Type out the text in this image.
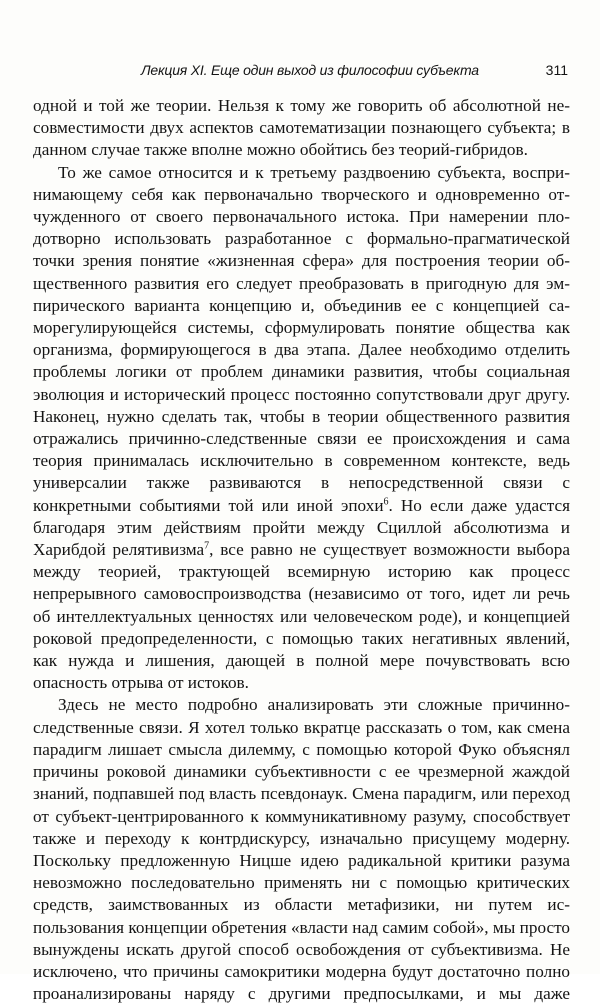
Лекция XI. Еще один выход из философии субъекта	311

одной и той же теории. Нельзя к тому же говорить об абсолютной несовместимости двух аспектов самотематизации познающего субъекта; в данном случае также вполне можно обойтись без теорий-гибридов.

То же самое относится и к третьему раздвоению субъекта, воспринимающему себя как первоначально творческого и одновременно отчужденного от своего первоначального истока. При намерении плодотворно использовать разработанное с формально-прагматической точки зрения понятие «жизненная сфера» для построения теории общественного развития его следует преобразовать в пригодную для эмпирического варианта концепцию и, объединив ее с концепцией саморегулирующейся системы, сформулировать понятие общества как организма, формирующегося в два этапа. Далее необходимо отделить проблемы логики от проблем динамики развития, чтобы социальная эволюция и исторический процесс постоянно сопутствовали друг другу. Наконец, нужно сделать так, чтобы в теории общественного развития отражались причинно-следственные связи ее происхождения и сама теория принималась исключительно в современном контексте, ведь универсалии также развиваются в непосредственной связи с конкретными событиями той или иной эпохи$^6$. Но если даже удастся благодаря этим действиям пройти между Сциллой абсолютизма и Харибдой релятивизма$^7$, все равно не существует возможности выбора между теорией, трактующей всемирную историю как процесс непрерывного самовоспроизводства (независимо от того, идет ли речь об интеллектуальных ценностях или человеческом роде), и концепцией роковой предопределенности, с помощью таких негативных явлений, как нужда и лишения, дающей в полной мере почувствовать всю опасность отрыва от истоков.

Здесь не место подробно анализировать эти сложные причинно-следственные связи. Я хотел только вкратце рассказать о том, как смена парадигм лишает смысла дилемму, с помощью которой Фуко объяснял причины роковой динамики субъективности с ее чрезмерной жаждой знаний, подпавшей под власть псевдонаук. Смена парадигм, или переход от субъект-центрированного к коммуникативному разуму, способствует также и переходу к контрдискурсу, изначально присущему модерну. Поскольку предложенную Ницше идею радикальной критики разума невозможно последовательно применять ни с помощью критических средств, заимствованных из области метафизики, ни путем использования концепции обретения «власти над самим собой», мы просто вынуждены искать другой способ освобождения от субъективизма. Не исключено, что причины самокритики модерна будут достаточно полно проанализированы наряду с другими предпосылками, и мы даже
